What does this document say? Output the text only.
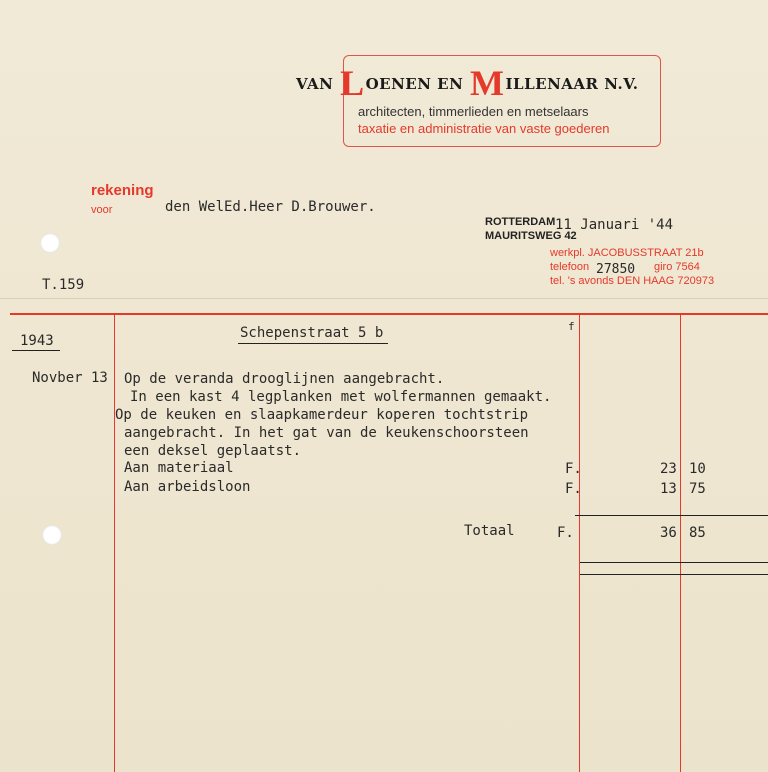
VAN LOENEN EN MILLENAAR N.V.
architecten, timmerlieden en metselaars
taxatie en administratie van vaste goederen
rekening
voor	den WelEd.Heer D.Brouwer.
ROTTERDAM 11 Januari '44
MAURITSWEG 42
werkpl. JACOBUSSTRAAT 21b
telefoon 27850 giro 7564
tel. 's avonds DEN HAAG 720973
T.159
1943	Schepenstraat 5 b	f
Novber 13 Op de veranda drooglijnen aangebracht.
In een kast 4 legplanken met wolfermannen gemaakt.
Op de keuken en slaapkamerdeur koperen tochtstrip
aangebracht. In het gat van de keukenschoorsteen
een deksel geplaatst.
Aan materiaal	F.	23 10
Aan arbeidsloon	F.	13 75
Totaal	F.	36 85
